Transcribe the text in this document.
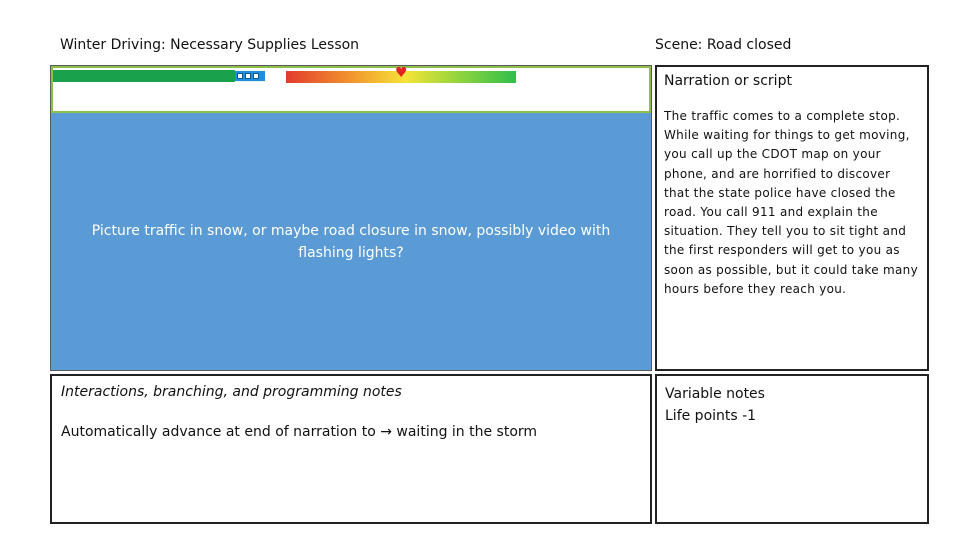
Winter Driving: Necessary Supplies Lesson	Scene: Road closed
♥
Picture traffic in snow, or maybe road closure in snow, possibly video with flashing lights?
Narration or script
The traffic comes to a complete stop. While waiting for things to get moving, you call up the CDOT map on your phone, and are horrified to discover that the state police have closed the road. You call 911 and explain the situation. They tell you to sit tight and the first responders will get to you as soon as possible, but it could take many hours before they reach you.
Interactions, branching, and programming notes
Automatically advance at end of narration to → waiting in the storm
Variable notes
Life points -1
